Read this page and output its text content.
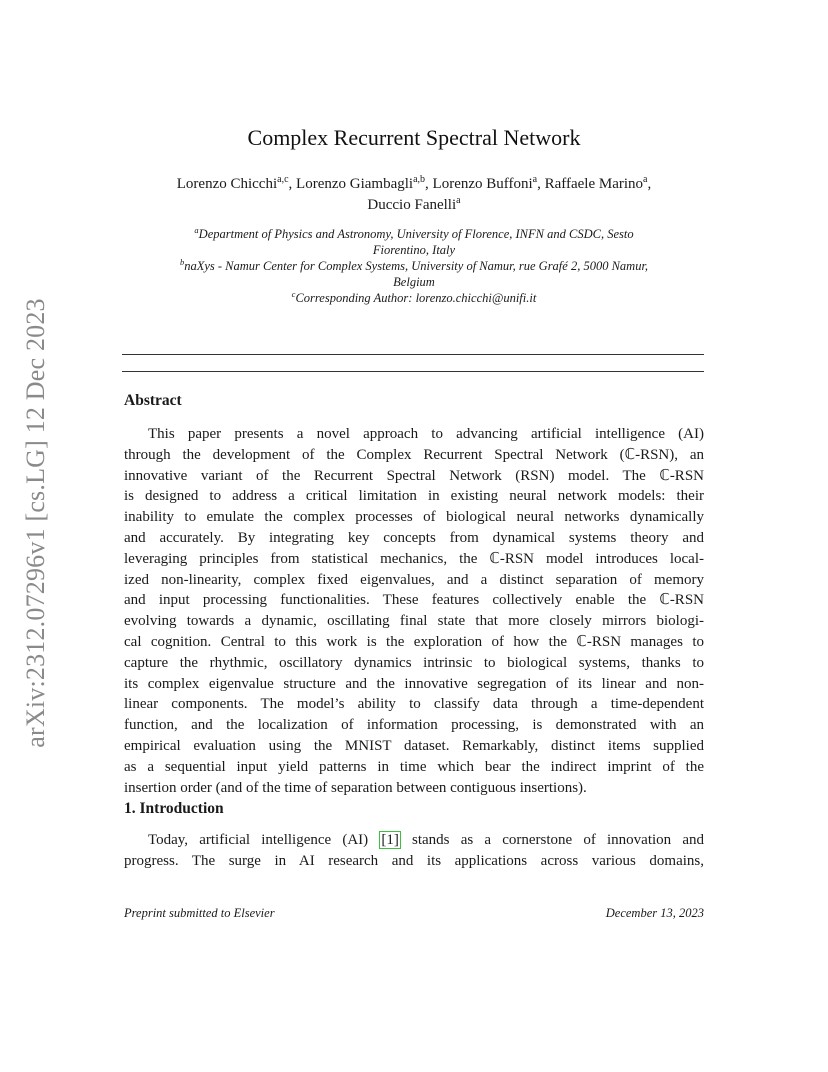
arXiv:2312.07296v1 [cs.LG] 12 Dec 2023
Complex Recurrent Spectral Network
Lorenzo Chicchi$^{a,c}$, Lorenzo Giambagli$^{a,b}$, Lorenzo Buffoni$^a$, Raffaele Marino$^a$,
Duccio Fanelli$^a$
$^a$Department of Physics and Astronomy, University of Florence, INFN and CSDC, Sesto
Fiorentino, Italy
$^b$naXys - Namur Center for Complex Systems, University of Namur, rue Grafé 2, 5000 Namur,
Belgium
$^c$Corresponding Author: lorenzo.chicchi@unifi.it
Abstract
This paper presents a novel approach to advancing artificial intelligence (AI)
through the development of the Complex Recurrent Spectral Network (ℂ-RSN), an
innovative variant of the Recurrent Spectral Network (RSN) model. The ℂ-RSN
is designed to address a critical limitation in existing neural network models: their
inability to emulate the complex processes of biological neural networks dynamically
and accurately. By integrating key concepts from dynamical systems theory and
leveraging principles from statistical mechanics, the ℂ-RSN model introduces local-
ized non-linearity, complex fixed eigenvalues, and a distinct separation of memory
and input processing functionalities. These features collectively enable the ℂ-RSN
evolving towards a dynamic, oscillating final state that more closely mirrors biologi-
cal cognition. Central to this work is the exploration of how the ℂ-RSN manages to
capture the rhythmic, oscillatory dynamics intrinsic to biological systems, thanks to
its complex eigenvalue structure and the innovative segregation of its linear and non-
linear components. The model’s ability to classify data through a time-dependent
function, and the localization of information processing, is demonstrated with an
empirical evaluation using the MNIST dataset. Remarkably, distinct items supplied
as a sequential input yield patterns in time which bear the indirect imprint of the
insertion order (and of the time of separation between contiguous insertions).
1. Introduction
Today, artificial intelligence (AI) [1] stands as a cornerstone of innovation and
progress. The surge in AI research and its applications across various domains,
Preprint submitted to Elsevier	December 13, 2023
